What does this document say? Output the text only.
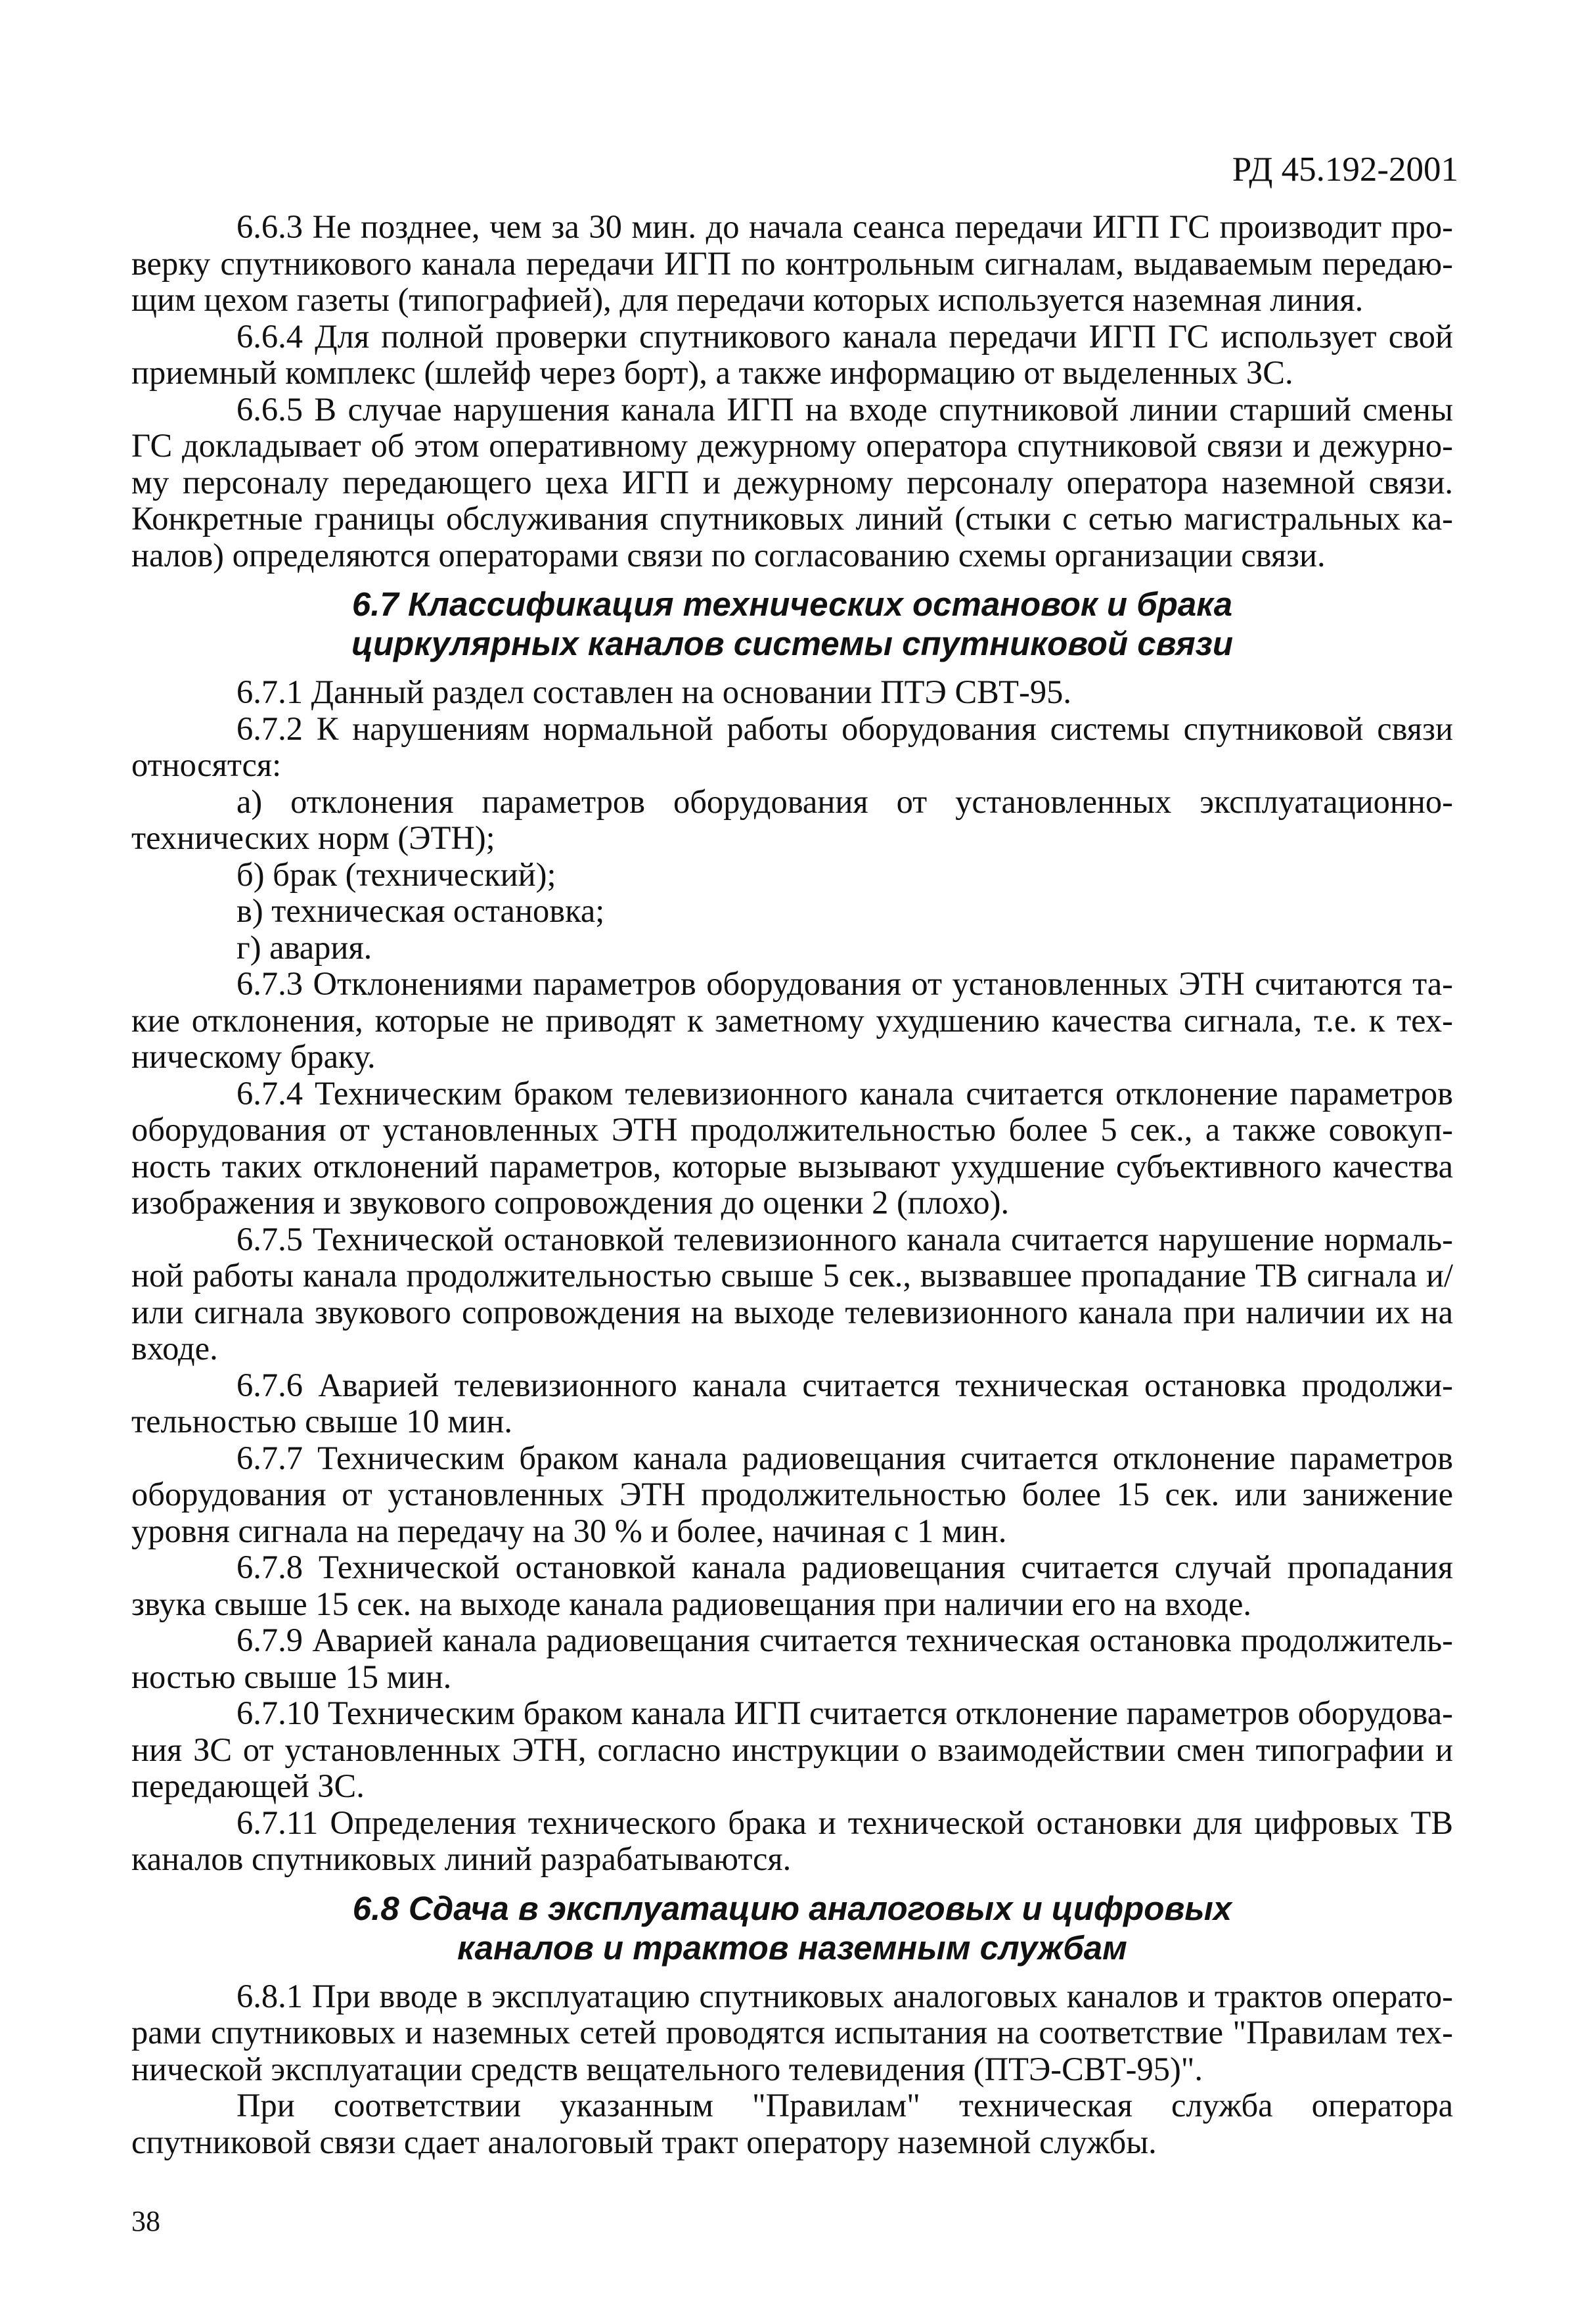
РД 45.192-2001

6.6.3 Не позднее, чем за 30 мин. до начала сеанса передачи ИГП ГС производит проверку спутникового канала передачи ИГП по контрольным сигналам, выдаваемым передающим цехом газеты (типографией), для передачи которых используется наземная линия.

6.6.4 Для полной проверки спутникового канала передачи ИГП ГС использует свой приемный комплекс (шлейф через борт), а также информацию от выделенных ЗС.

6.6.5 В случае нарушения канала ИГП на входе спутниковой линии старший смены ГС докладывает об этом оперативному дежурному оператора спутниковой связи и дежурному персоналу передающего цеха ИГП и дежурному персоналу оператора наземной связи. Конкретные границы обслуживания спутниковых линий (стыки с сетью магистральных каналов) определяются операторами связи по согласованию схемы организации связи.

6.7 Классификация технических остановок и брака
циркулярных каналов системы спутниковой связи

6.7.1 Данный раздел составлен на основании ПТЭ СВТ-95.

6.7.2 К нарушениям нормальной работы оборудования системы спутниковой связи относятся:

а) отклонения параметров оборудования от установленных эксплуатационно-технических норм (ЭТН);

б) брак (технический);

в) техническая остановка;

г) авария.

6.7.3 Отклонениями параметров оборудования от установленных ЭТН считаются такие отклонения, которые не приводят к заметному ухудшению качества сигнала, т.е. к техническому браку.

6.7.4 Техническим браком телевизионного канала считается отклонение параметров оборудования от установленных ЭТН продолжительностью более 5 сек., а также совокупность таких отклонений параметров, которые вызывают ухудшение субъективного качества изображения и звукового сопровождения до оценки 2 (плохо).

6.7.5 Технической остановкой телевизионного канала считается нарушение нормальной работы канала продолжительностью свыше 5 сек., вызвавшее пропадание ТВ сигнала и/или сигнала звукового сопровождения на выходе телевизионного канала при наличии их на входе.

6.7.6 Аварией телевизионного канала считается техническая остановка продолжительностью свыше 10 мин.

6.7.7 Техническим браком канала радиовещания считается отклонение параметров оборудования от установленных ЭТН продолжительностью более 15 сек. или занижение уровня сигнала на передачу на 30 % и более, начиная с 1 мин.

6.7.8 Технической остановкой канала радиовещания считается случай пропадания звука свыше 15 сек. на выходе канала радиовещания при наличии его на входе.

6.7.9 Аварией канала радиовещания считается техническая остановка продолжительностью свыше 15 мин.

6.7.10 Техническим браком канала ИГП считается отклонение параметров оборудования ЗС от установленных ЭТН, согласно инструкции о взаимодействии смен типографии и передающей ЗС.

6.7.11 Определения технического брака и технической остановки для цифровых ТВ каналов спутниковых линий разрабатываются.

6.8 Сдача в эксплуатацию аналоговых и цифровых
каналов и трактов наземным службам

6.8.1 При вводе в эксплуатацию спутниковых аналоговых каналов и трактов операторами спутниковых и наземных сетей проводятся испытания на соответствие "Правилам технической эксплуатации средств вещательного телевидения (ПТЭ-СВТ-95)".

При соответствии указанным "Правилам" техническая служба оператора спутниковой связи сдает аналоговый тракт оператору наземной службы.

38
